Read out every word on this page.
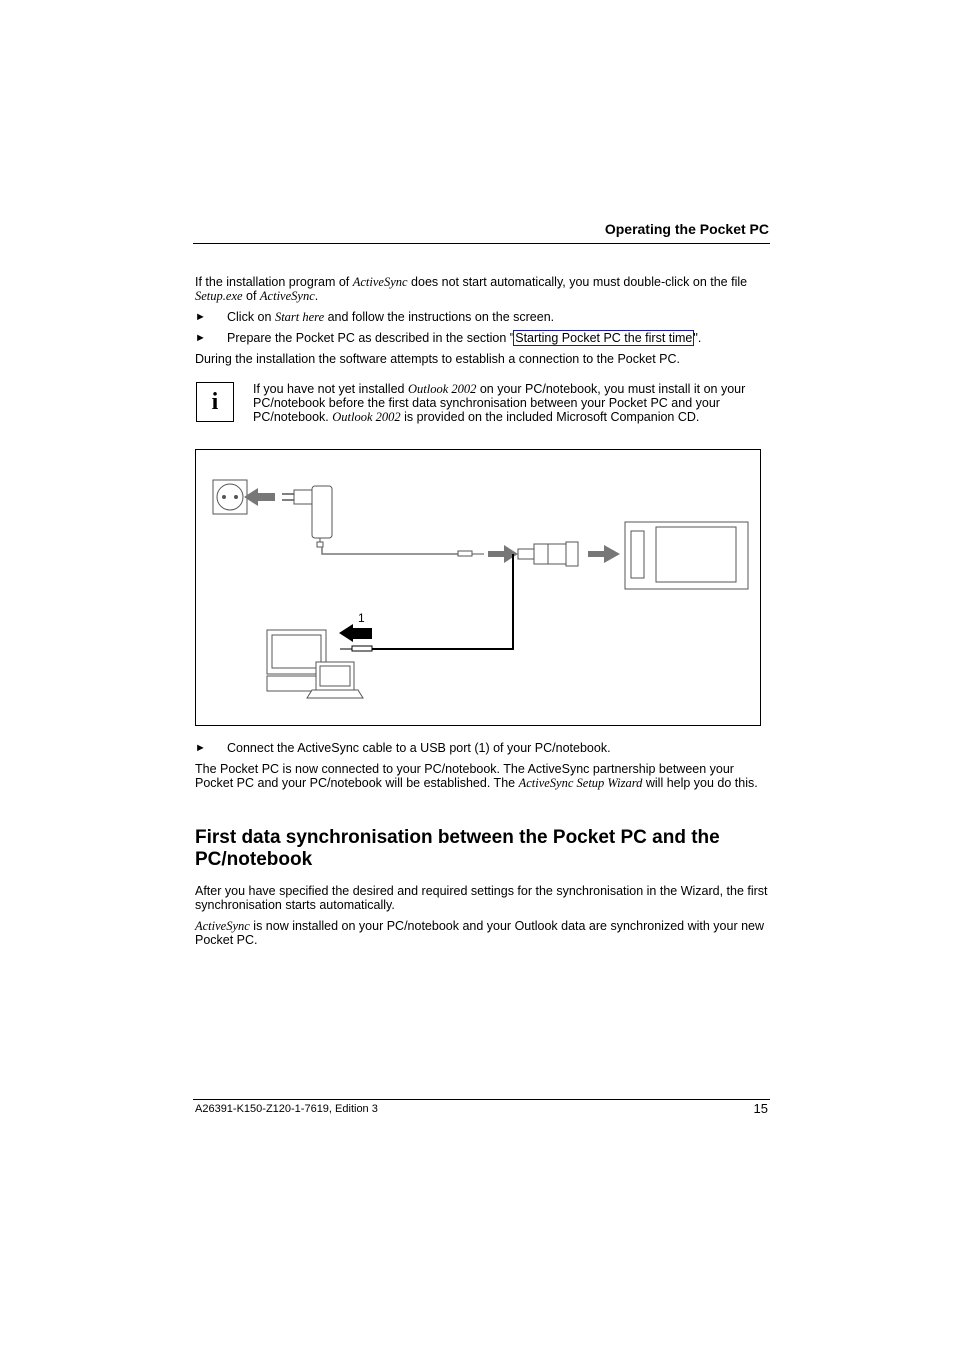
Operating the Pocket PC
If the installation program of ActiveSync does not start automatically, you must double-click on the file Setup.exe of ActiveSync.
► Click on Start here and follow the instructions on the screen.
► Prepare the Pocket PC as described in the section "Starting Pocket PC the first time".
During the installation the software attempts to establish a connection to the Pocket PC.
i	If you have not yet installed Outlook 2002 on your PC/notebook, you must install it on your PC/notebook before the first data synchronisation between your Pocket PC and your PC/notebook. Outlook 2002 is provided on the included Microsoft Companion CD.
1
► Connect the ActiveSync cable to a USB port (1) of your PC/notebook.
The Pocket PC is now connected to your PC/notebook. The ActiveSync partnership between your Pocket PC and your PC/notebook will be established. The ActiveSync Setup Wizard will help you do this.
First data synchronisation between the Pocket PC and the PC/notebook
After you have specified the desired and required settings for the synchronisation in the Wizard, the first synchronisation starts automatically.
ActiveSync is now installed on your PC/notebook and your Outlook data are synchronized with your new Pocket PC.
A26391-K150-Z120-1-7619, Edition 3	15
